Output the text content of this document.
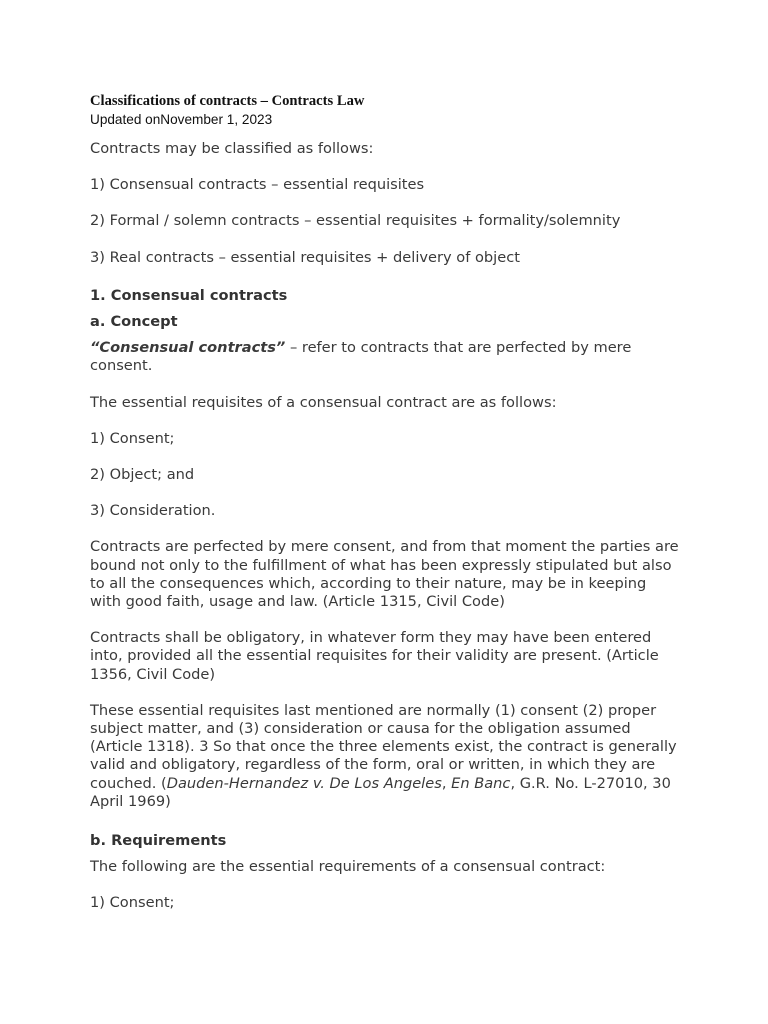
Classifications of contracts – Contracts Law

Updated onNovember 1, 2023

Contracts may be classified as follows:

1) Consensual contracts – essential requisites

2) Formal / solemn contracts – essential requisites + formality/solemnity

3) Real contracts – essential requisites + delivery of object

1. Consensual contracts

a. Concept

“Consensual contracts” – refer to contracts that are perfected by mere consent.

The essential requisites of a consensual contract are as follows:

1) Consent;

2) Object; and

3) Consideration.

Contracts are perfected by mere consent, and from that moment the parties are bound not only to the fulfillment of what has been expressly stipulated but also to all the consequences which, according to their nature, may be in keeping with good faith, usage and law. (Article 1315, Civil Code)

Contracts shall be obligatory, in whatever form they may have been entered into, provided all the essential requisites for their validity are present. (Article 1356, Civil Code)

These essential requisites last mentioned are normally (1) consent (2) proper subject matter, and (3) consideration or causa for the obligation assumed (Article 1318). 3 So that once the three elements exist, the contract is generally valid and obligatory, regardless of the form, oral or written, in which they are couched. (Dauden-Hernandez v. De Los Angeles, En Banc, G.R. No. L-27010, 30 April 1969)

b. Requirements

The following are the essential requirements of a consensual contract:

1) Consent;
